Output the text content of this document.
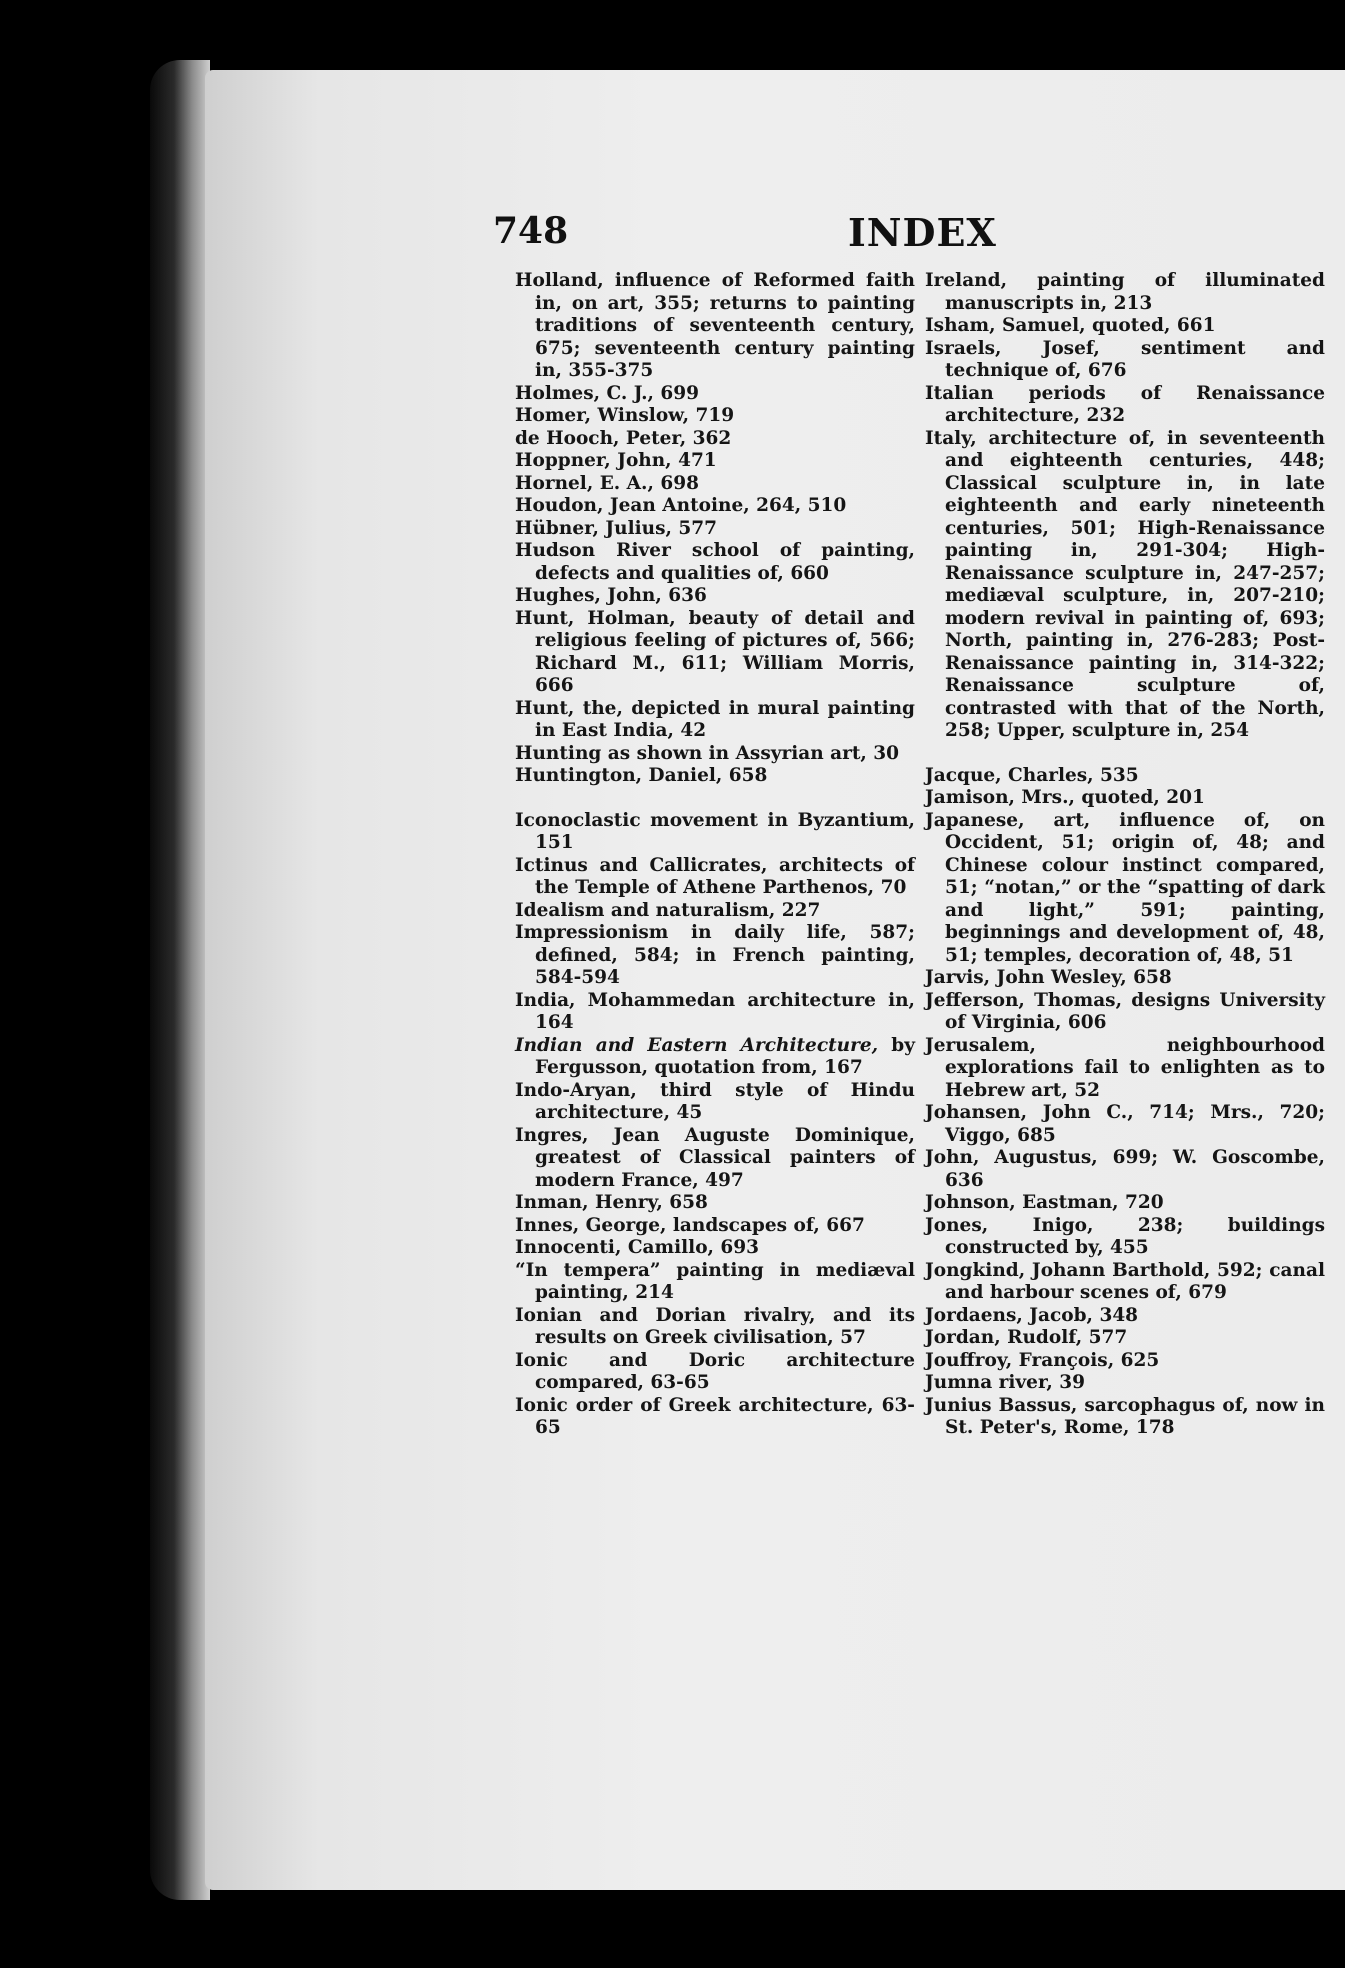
748	INDEX

Holland, influence of Reformed faith in, on art, 355; returns to painting traditions of seventeenth century, 675; seventeenth century painting in, 355-375

Holmes, C. J., 699

Homer, Winslow, 719

de Hooch, Peter, 362

Hoppner, John, 471

Hornel, E. A., 698

Houdon, Jean Antoine, 264, 510

Hübner, Julius, 577

Hudson River school of painting, defects and qualities of, 660

Hughes, John, 636

Hunt, Holman, beauty of detail and religious feeling of pictures of, 566; Richard M., 611; William Morris, 666

Hunt, the, depicted in mural painting in East India, 42

Hunting as shown in Assyrian art, 30

Huntington, Daniel, 658

Iconoclastic movement in Byzantium, 151

Ictinus and Callicrates, architects of the Temple of Athene Parthenos, 70

Idealism and naturalism, 227

Impressionism in daily life, 587; defined, 584; in French painting, 584-594

India, Mohammedan architecture in, 164

Indian and Eastern Architecture, by Fergusson, quotation from, 167

Indo-Aryan, third style of Hindu architecture, 45

Ingres, Jean Auguste Dominique, greatest of Classical painters of modern France, 497

Inman, Henry, 658

Innes, George, landscapes of, 667

Innocenti, Camillo, 693

“In tempera” painting in mediæval painting, 214

Ionian and Dorian rivalry, and its results on Greek civilisation, 57

Ionic and Doric architecture compared, 63-65

Ionic order of Greek architecture, 63-65

Ireland, painting of illuminated manuscripts in, 213

Isham, Samuel, quoted, 661

Israels, Josef, sentiment and technique of, 676

Italian periods of Renaissance architecture, 232

Italy, architecture of, in seventeenth and eighteenth centuries, 448; Classical sculpture in, in late eighteenth and early nineteenth centuries, 501; High-Renaissance painting in, 291-304; High-Renaissance sculpture in, 247-257; mediæval sculpture, in, 207-210; modern revival in painting of, 693; North, painting in, 276-283; Post-Renaissance painting in, 314-322; Renaissance sculpture of, contrasted with that of the North, 258; Upper, sculpture in, 254

Jacque, Charles, 535

Jamison, Mrs., quoted, 201

Japanese, art, influence of, on Occident, 51; origin of, 48; and Chinese colour instinct compared, 51; “notan,” or the “spatting of dark and light,” 591; painting, beginnings and development of, 48, 51; temples, decoration of, 48, 51

Jarvis, John Wesley, 658

Jefferson, Thomas, designs University of Virginia, 606

Jerusalem, neighbourhood explorations fail to enlighten as to Hebrew art, 52

Johansen, John C., 714; Mrs., 720; Viggo, 685

John, Augustus, 699; W. Goscombe, 636

Johnson, Eastman, 720

Jones, Inigo, 238; buildings constructed by, 455

Jongkind, Johann Barthold, 592; canal and harbour scenes of, 679

Jordaens, Jacob, 348

Jordan, Rudolf, 577

Jouffroy, François, 625

Jumna river, 39

Junius Bassus, sarcophagus of, now in St. Peter's, Rome, 178
